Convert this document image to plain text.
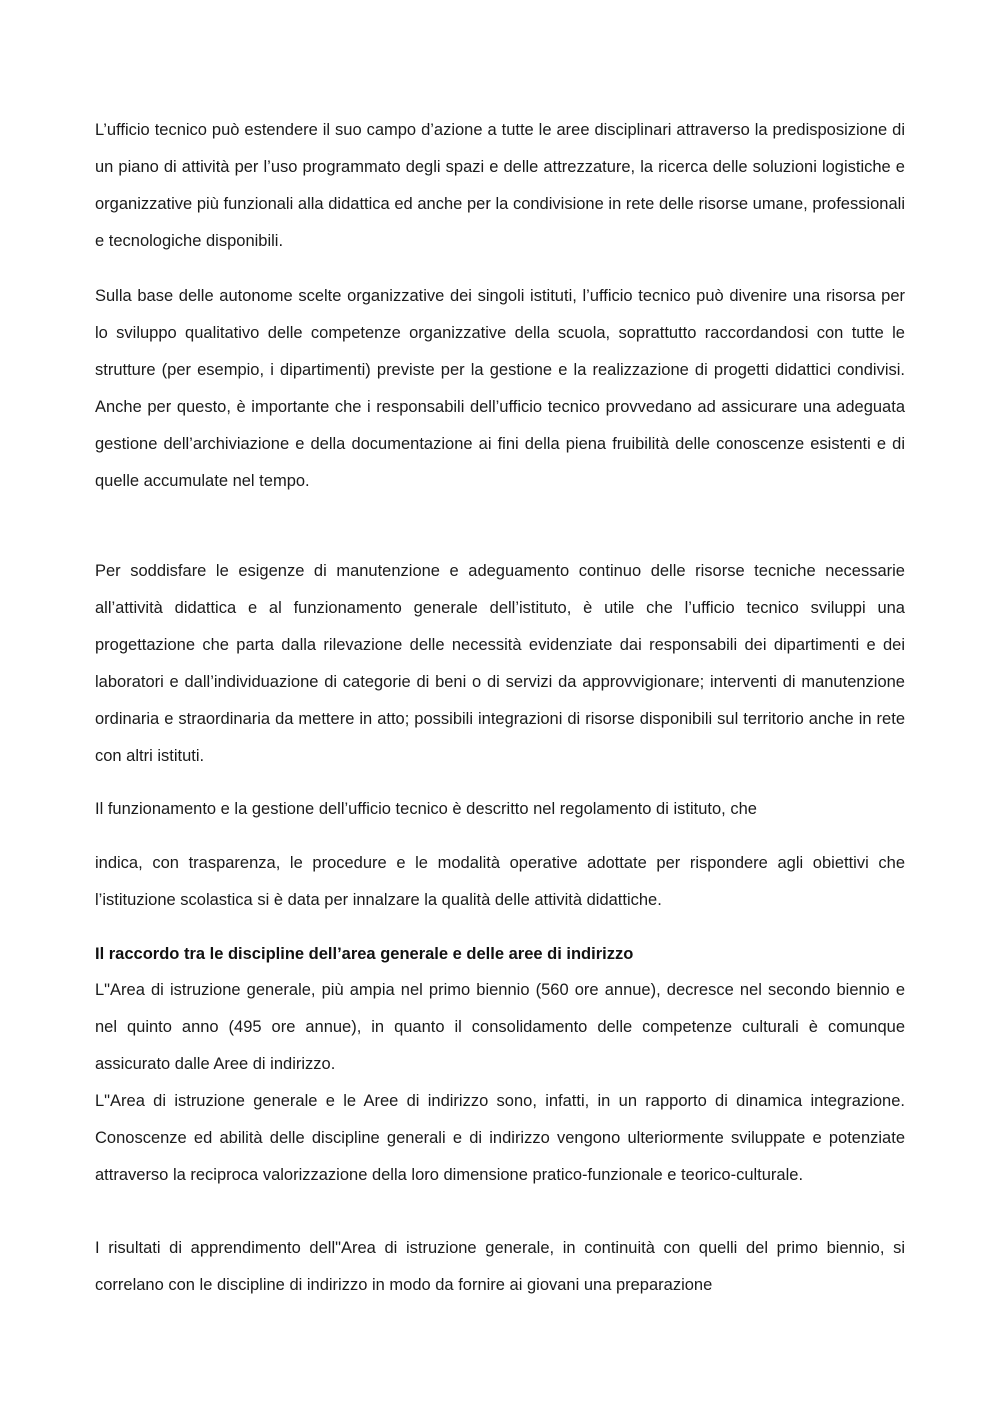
L’ufficio tecnico può estendere il suo campo d’azione a tutte le aree disciplinari attraverso la predisposizione di un piano di attività per l’uso programmato degli spazi e delle attrezzature, la ricerca delle soluzioni logistiche e organizzative più funzionali alla didattica ed anche per la condivisione in rete delle risorse umane, professionali e tecnologiche disponibili.

Sulla base delle autonome scelte organizzative dei singoli istituti, l’ufficio tecnico può divenire una risorsa per lo sviluppo qualitativo delle competenze organizzative della scuola, soprattutto raccordandosi con tutte le strutture (per esempio, i dipartimenti) previste per la gestione e la realizzazione di progetti didattici condivisi. Anche per questo, è importante che i responsabili dell’ufficio tecnico provvedano ad assicurare una adeguata gestione dell’archiviazione e della documentazione ai fini della piena fruibilità delle conoscenze esistenti e di quelle accumulate nel tempo.

Per soddisfare le esigenze di manutenzione e adeguamento continuo delle risorse tecniche necessarie all’attività didattica e al funzionamento generale dell’istituto, è utile che l’ufficio tecnico sviluppi una progettazione che parta dalla rilevazione delle necessità evidenziate dai responsabili dei dipartimenti e dei laboratori e dall’individuazione di categorie di beni o di servizi da approvvigionare; interventi di manutenzione ordinaria e straordinaria da mettere in atto; possibili integrazioni di risorse disponibili sul territorio anche in rete con altri istituti.

Il funzionamento e la gestione dell’ufficio tecnico è descritto nel regolamento di istituto, che

indica, con trasparenza, le procedure e le modalità operative adottate per rispondere agli obiettivi che l’istituzione scolastica si è data per innalzare la qualità delle attività didattiche.

Il raccordo tra le discipline dell’area generale e delle aree di indirizzo

L"Area di istruzione generale, più ampia nel primo biennio (560 ore annue), decresce nel secondo biennio e nel quinto anno (495 ore annue), in quanto il consolidamento delle competenze culturali è comunque assicurato dalle Aree di indirizzo.

L"Area di istruzione generale e le Aree di indirizzo sono, infatti, in un rapporto di dinamica integrazione. Conoscenze ed abilità delle discipline generali e di indirizzo vengono ulteriormente sviluppate e potenziate attraverso la reciproca valorizzazione della loro dimensione pratico-funzionale e teorico-culturale.

I risultati di apprendimento dell"Area di istruzione generale, in continuità con quelli del primo biennio, si correlano con le discipline di indirizzo in modo da fornire ai giovani una preparazione
